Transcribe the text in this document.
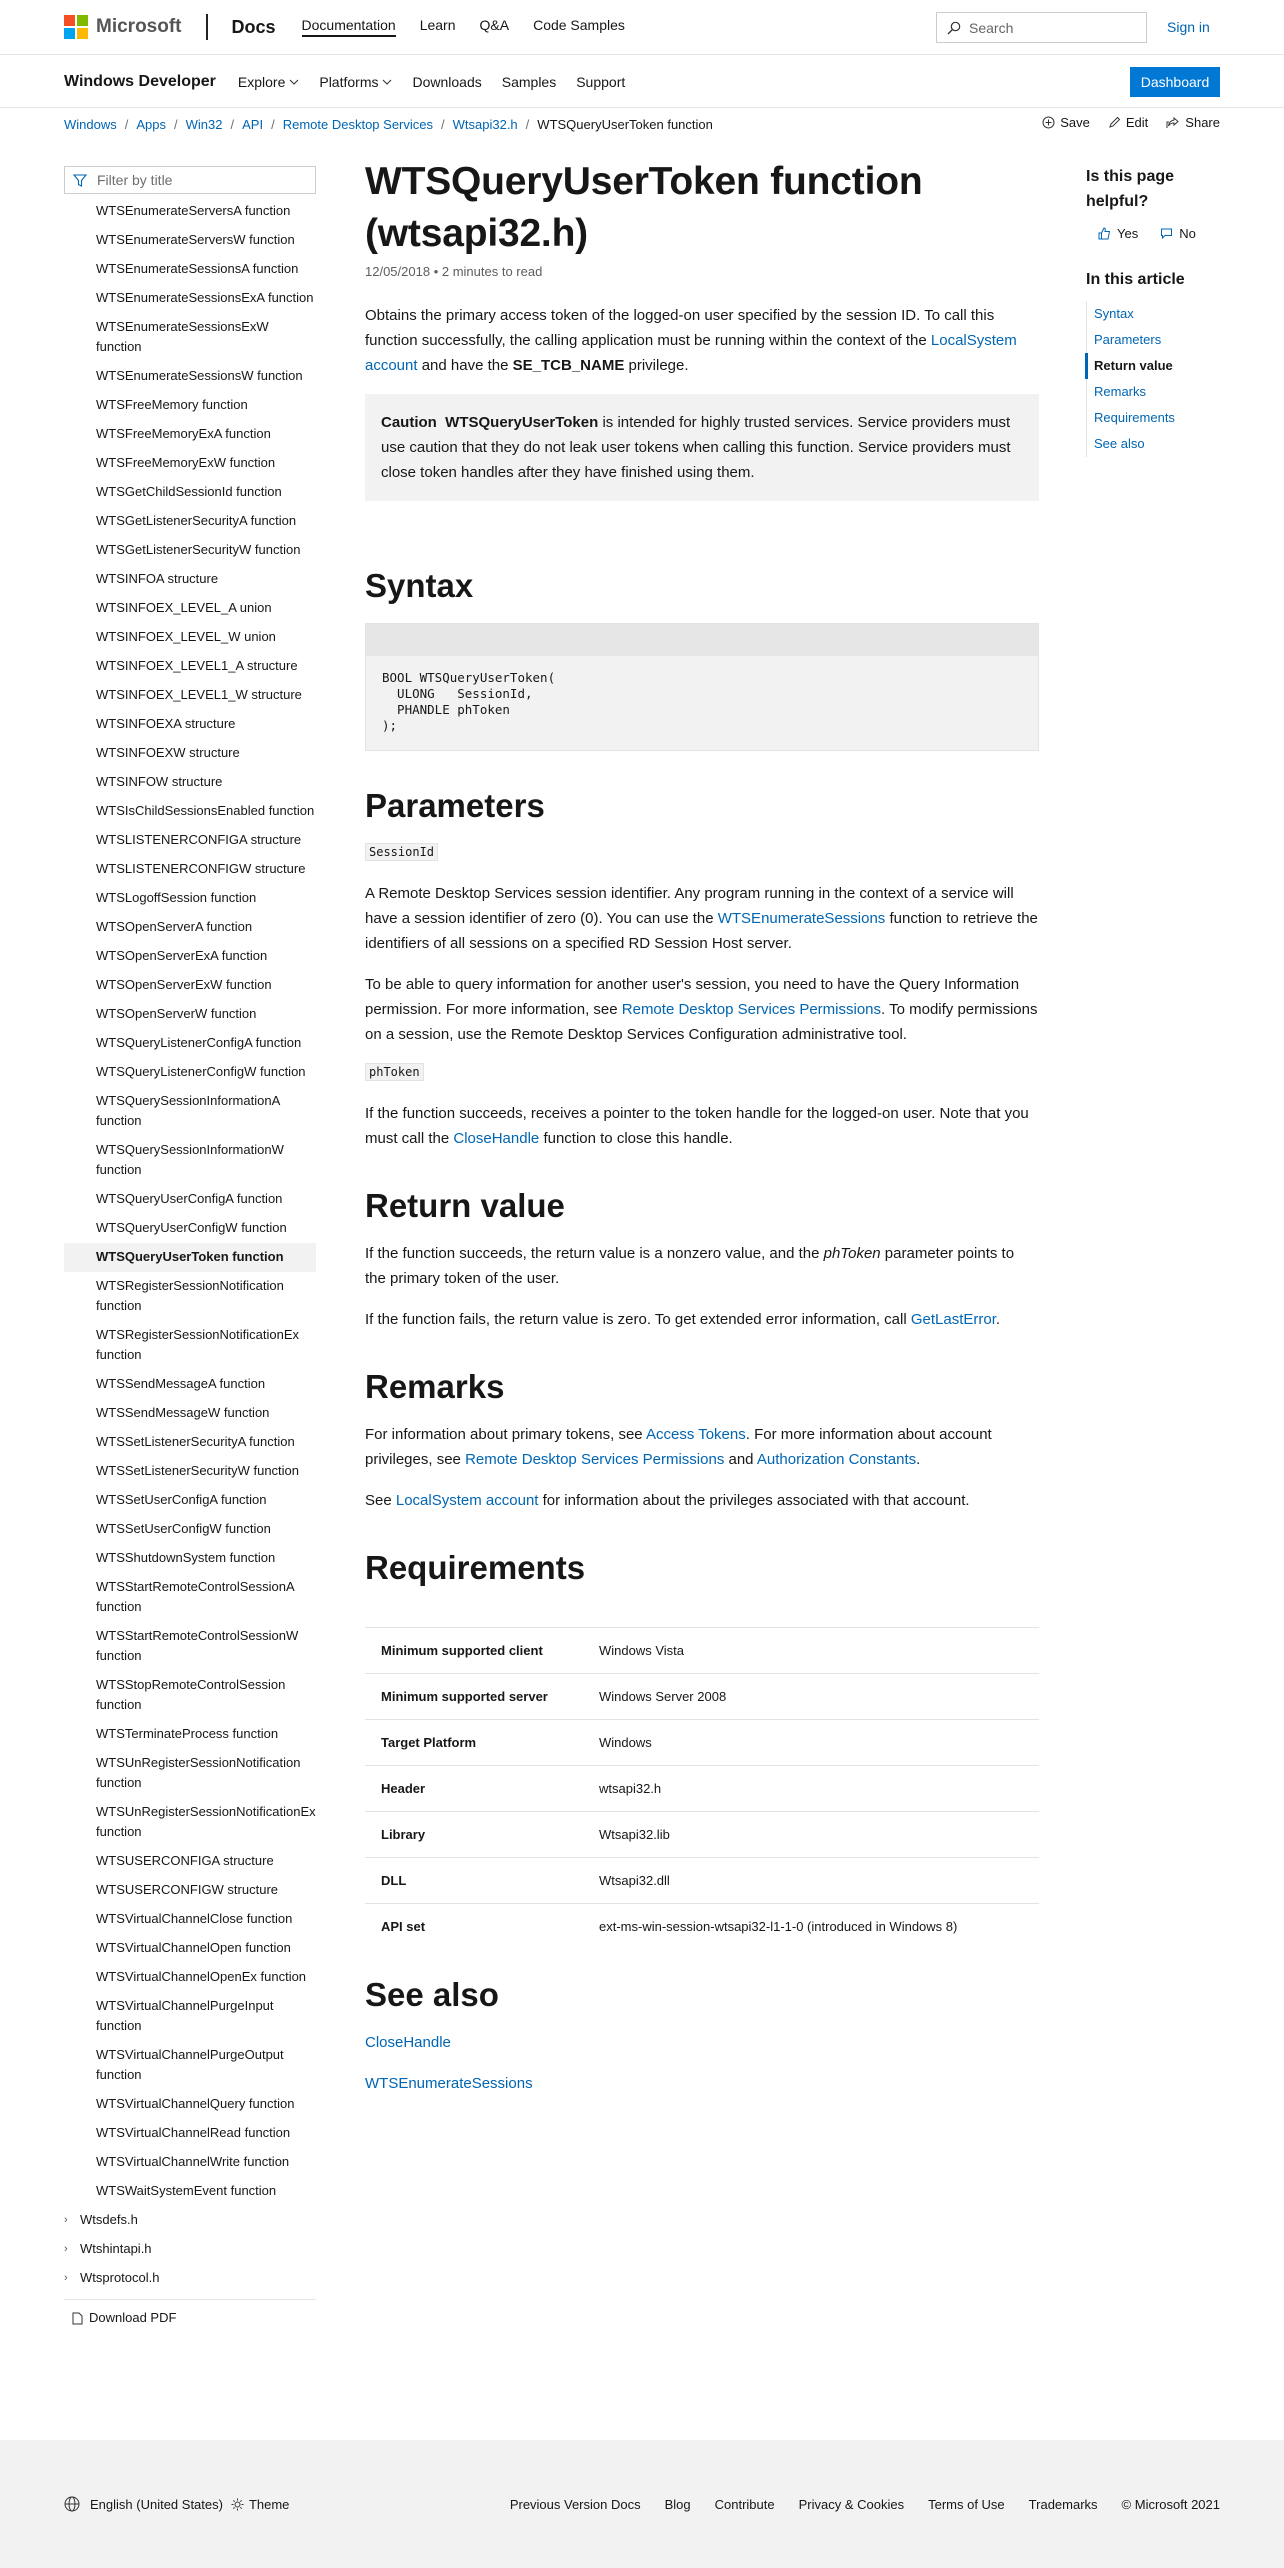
Microsoft	Docs Documentation Learn Q&A Code Samples	Search	Sign in
Windows Developer Explore Platforms Downloads Samples Support	Dashboard
Windows / Apps / Win32 / API / Remote Desktop Services / Wtsapi32.h / WTSQueryUserToken function	Save	Edit	Share
Filter by title
WTSEnumerateServersA function
WTSEnumerateServersW function
WTSEnumerateSessionsA function
WTSEnumerateSessionsExA function
WTSEnumerateSessionsExW function
WTSEnumerateSessionsW function
WTSFreeMemory function
WTSFreeMemoryExA function
WTSFreeMemoryExW function
WTSGetChildSessionId function
WTSGetListenerSecurityA function
WTSGetListenerSecurityW function
WTSINFOA structure
WTSINFOEX_LEVEL_A union
WTSINFOEX_LEVEL_W union
WTSINFOEX_LEVEL1_A structure
WTSINFOEX_LEVEL1_W structure
WTSINFOEXA structure
WTSINFOEXW structure
WTSINFOW structure
WTSIsChildSessionsEnabled function
WTSLISTENERCONFIGA structure
WTSLISTENERCONFIGW structure
WTSLogoffSession function
WTSOpenServerA function
WTSOpenServerExA function
WTSOpenServerExW function
WTSOpenServerW function
WTSQueryListenerConfigA function
WTSQueryListenerConfigW function
WTSQuerySessionInformationA function
WTSQuerySessionInformationW function
WTSQueryUserConfigA function
WTSQueryUserConfigW function
WTSQueryUserToken function
WTSRegisterSessionNotification function
WTSRegisterSessionNotificationEx function
WTSSendMessageA function
WTSSendMessageW function
WTSSetListenerSecurityA function
WTSSetListenerSecurityW function
WTSSetUserConfigA function
WTSSetUserConfigW function
WTSShutdownSystem function
WTSStartRemoteControlSessionA function
WTSStartRemoteControlSessionW function
WTSStopRemoteControlSession function
WTSTerminateProcess function
WTSUnRegisterSessionNotification function
WTSUnRegisterSessionNotificationEx function
WTSUSERCONFIGA structure
WTSUSERCONFIGW structure
WTSVirtualChannelClose function
WTSVirtualChannelOpen function
WTSVirtualChannelOpenEx function
WTSVirtualChannelPurgeInput function
WTSVirtualChannelPurgeOutput function
WTSVirtualChannelQuery function
WTSVirtualChannelRead function
WTSVirtualChannelWrite function
WTSWaitSystemEvent function
› Wtsdefs.h
› Wtshintapi.h
› Wtsprotocol.h
Download PDF
WTSQueryUserToken function (wtsapi32.h)
12/05/2018 • 2 minutes to read

Obtains the primary access token of the logged-on user specified by the session ID. To call this function successfully, the calling application must be running within the context of the LocalSystem account and have the SE_TCB_NAME privilege.

Caution WTSQueryUserToken is intended for highly trusted services. Service providers must use caution that they do not leak user tokens when calling this function. Service providers must close token handles after they have finished using them.
Syntax
BOOL WTSQueryUserToken(
ULONG   SessionId,
PHANDLE phToken
);
Parameters
SessionId

A Remote Desktop Services session identifier. Any program running in the context of a service will have a session identifier of zero (0). You can use the WTSEnumerateSessions function to retrieve the identifiers of all sessions on a specified RD Session Host server.

To be able to query information for another user's session, you need to have the Query Information permission. For more information, see Remote Desktop Services Permissions. To modify permissions on a session, use the Remote Desktop Services Configuration administrative tool.

phToken

If the function succeeds, receives a pointer to the token handle for the logged-on user. Note that you must call the CloseHandle function to close this handle.

Return value

If the function succeeds, the return value is a nonzero value, and the phToken parameter points to the primary token of the user.

If the function fails, the return value is zero. To get extended error information, call GetLastError.

Remarks

For information about primary tokens, see Access Tokens. For more information about account privileges, see Remote Desktop Services Permissions and Authorization Constants.

See LocalSystem account for information about the privileges associated with that account.

Requirements
Minimum supported client	Windows Vista
Minimum supported server	Windows Server 2008
Target Platform	Windows
Header	wtsapi32.h
Library	Wtsapi32.lib
DLL	Wtsapi32.dll
API set	ext-ms-win-session-wtsapi32-l1-1-0 (introduced in Windows 8)
See also

CloseHandle

WTSEnumerateSessions

Is this page helpful?
Yes	No
In this article
Syntax
Parameters
Return value
Remarks
Requirements
See also
English (United States) Theme	Previous Version Docs Blog Contribute Privacy & Cookies Terms of Use Trademarks © Microsoft 2021
